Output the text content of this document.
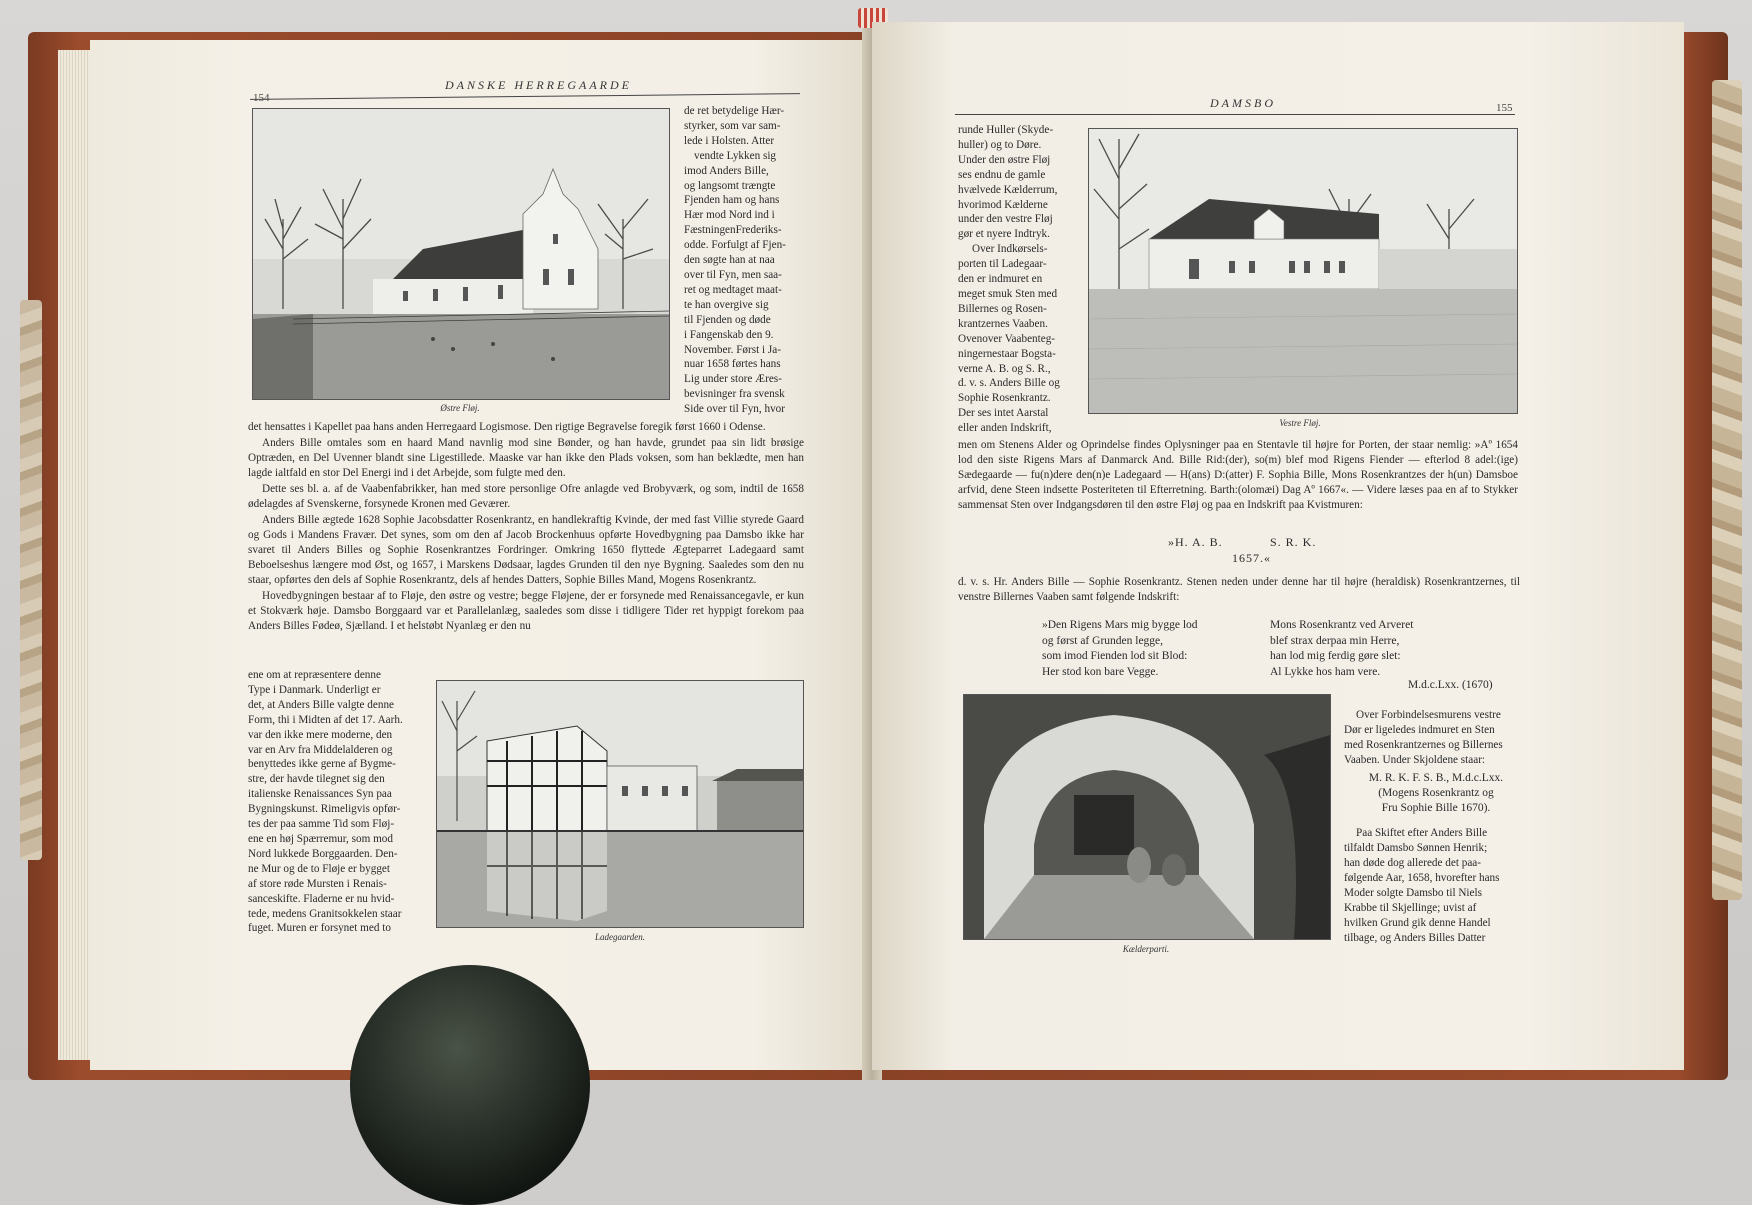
DANSKE HERREGAARDE
Østre Fløj.
de ret betydelige Hær-
styrker, som var sam-
lede i Holsten. Atter
vendte Lykken sig
imod Anders Bille,
og langsomt trængte
Fjenden ham og hans
Hær mod Nord ind i
FæstningenFrederiks-
odde. Forfulgt af Fjen-
den søgte han at naa
over til Fyn, men saa-
ret og medtaget maat-
te han overgive sig
til Fjenden og døde
i Fangenskab den 9.
November. Først i Ja-
nuar 1658 førtes hans
Lig under store Æres-
bevisninger fra svensk
Side over til Fyn, hvor

det hensattes i Kapellet paa hans anden Herregaard Logismose. Den rigtige Begravelse foregik først 1660 i Odense.

Anders Bille omtales som en haard Mand navnlig mod sine Bønder, og han havde, grundet paa sin lidt brøsige Optræden, en Del Uvenner blandt sine Ligestillede. Maaske var han ikke den Plads voksen, som han beklædte, men han lagde ialtfald en stor Del Energi ind i det Arbejde, som fulgte med den.

Dette ses bl. a. af de Vaabenfabrikker, han med store personlige Ofre anlagde ved Brobyværk, og som, indtil de 1658 ødelagdes af Svenskerne, forsynede Kronen med Geværer.

Anders Bille ægtede 1628 Sophie Jacobsdatter Rosenkrantz, en handlekraftig Kvinde, der med fast Villie styrede Gaard og Gods i Mandens Fravær. Det synes, som om den af Jacob Brockenhuus opførte Hovedbygning paa Damsbo ikke har svaret til Anders Billes og Sophie Rosenkrantzes Fordringer. Omkring 1650 flyttede Ægteparret Ladegaard samt Beboelseshus længere mod Øst, og 1657, i Marskens Dødsaar, lagdes Grunden til den nye Bygning. Saaledes som den nu staar, opførtes den dels af Sophie Rosenkrantz, dels af hendes Datters, Sophie Billes Mand, Mogens Rosenkrantz.

Hovedbygningen bestaar af to Fløje, den østre og vestre; begge Fløjene, der er forsynede med Renaissancegavle, er kun et Stokværk høje. Damsbo Borggaard var et Parallelanlæg, saaledes som disse i tidligere Tider ret hyppigt forekom paa Anders Billes Fødeø, Sjælland. I et helstøbt Nyanlæg er den nu

ene om at repræsentere denne
Type i Danmark. Underligt er
det, at Anders Bille valgte denne
Form, thi i Midten af det 17. Aarh.
var den ikke mere moderne, den
var en Arv fra Middelalderen og
benyttedes ikke gerne af Bygme-
stre, der havde tilegnet sig den
italienske Renaissances Syn paa
Bygningskunst. Rimeligvis opfør-
tes der paa samme Tid som Fløj-
ene en høj Spærremur, som mod
Nord lukkede Borggaarden. Den-
ne Mur og de to Fløje er bygget
af store røde Mursten i Renais-
sanceskifte. Fladerne er nu hvid-
tede, medens Granitsokkelen staar
fuget. Muren er forsynet med to
Ladegaarden.
DAMSBO	155
runde Huller (Skyde-
huller) og to Døre.
Under den østre Fløj
ses endnu de gamle
hvælvede Kælderrum,
hvorimod Kælderne
under den vestre Fløj
gør et nyere Indtryk.
Over Indkørsels-
porten til Ladegaar-
den er indmuret en
meget smuk Sten med
Billernes og Rosen-
krantzernes Vaaben.
Ovenover Vaabenteg-
ningernestaar Bogsta-
verne A. B. og S. R.,
d. v. s. Anders Bille og
Sophie Rosenkrantz.
Der ses intet Aarstal
eller anden Indskrift,	Vestre Fløj.

men om Stenens Alder og Oprindelse findes Oplysninger paa en Stentavle til højre for Porten, der staar nemlig: »Aº 1654 lod den siste Rigens Mars af Danmarck And. Bille Rid:(der), so(m) blef mod Rigens Fiender — efterlod 8 adel:(ige) Sædegaarde — fu(n)dere den(n)e Ladegaard — H(ans) D:(atter) F. Sophia Bille, Mons Rosenkrantzes der h(un) Damsboe arfvid, dene Steen indsette Posteriteten til Efterretning. Barth:(olomæi) Dag Aº 1667«. — Videre læses paa en af to Stykker sammensat Sten over Indgangsdøren til den østre Fløj og paa en Indskrift paa Kvistmuren:

»H. A. B.	S. R. K.
1657.«

d. v. s. Hr. Anders Bille — Sophie Rosenkrantz. Stenen neden under denne har til højre (heraldisk) Rosenkrantzernes, til venstre Billernes Vaaben samt følgende Indskrift:

»Den Rigens Mars mig bygge lod
og først af Grunden legge,
som imod Fienden lod sit Blod:
Her stod kon bare Vegge.
Mons Rosenkrantz ved Arveret
blef strax derpaa min Herre,
han lod mig ferdig gøre slet:
Al Lykke hos ham vere.
M.d.c.Lxx. (1670)
Kælderparti.
Over Forbindelsesmurens vestre
Dør er ligeledes indmuret en Sten
med Rosenkrantzernes og Billernes
Vaaben. Under Skjoldene staar:
M. R. K. F. S. B., M.d.c.Lxx.
(Mogens Rosenkrantz og
Fru Sophie Bille 1670).
Paa Skiftet efter Anders Bille
tilfaldt Damsbo Sønnen Henrik;
han døde dog allerede det paa-
følgende Aar, 1658, hvorefter hans
Moder solgte Damsbo til Niels
Krabbe til Skjellinge; uvist af
hvilken Grund gik denne Handel
tilbage, og Anders Billes Datter
